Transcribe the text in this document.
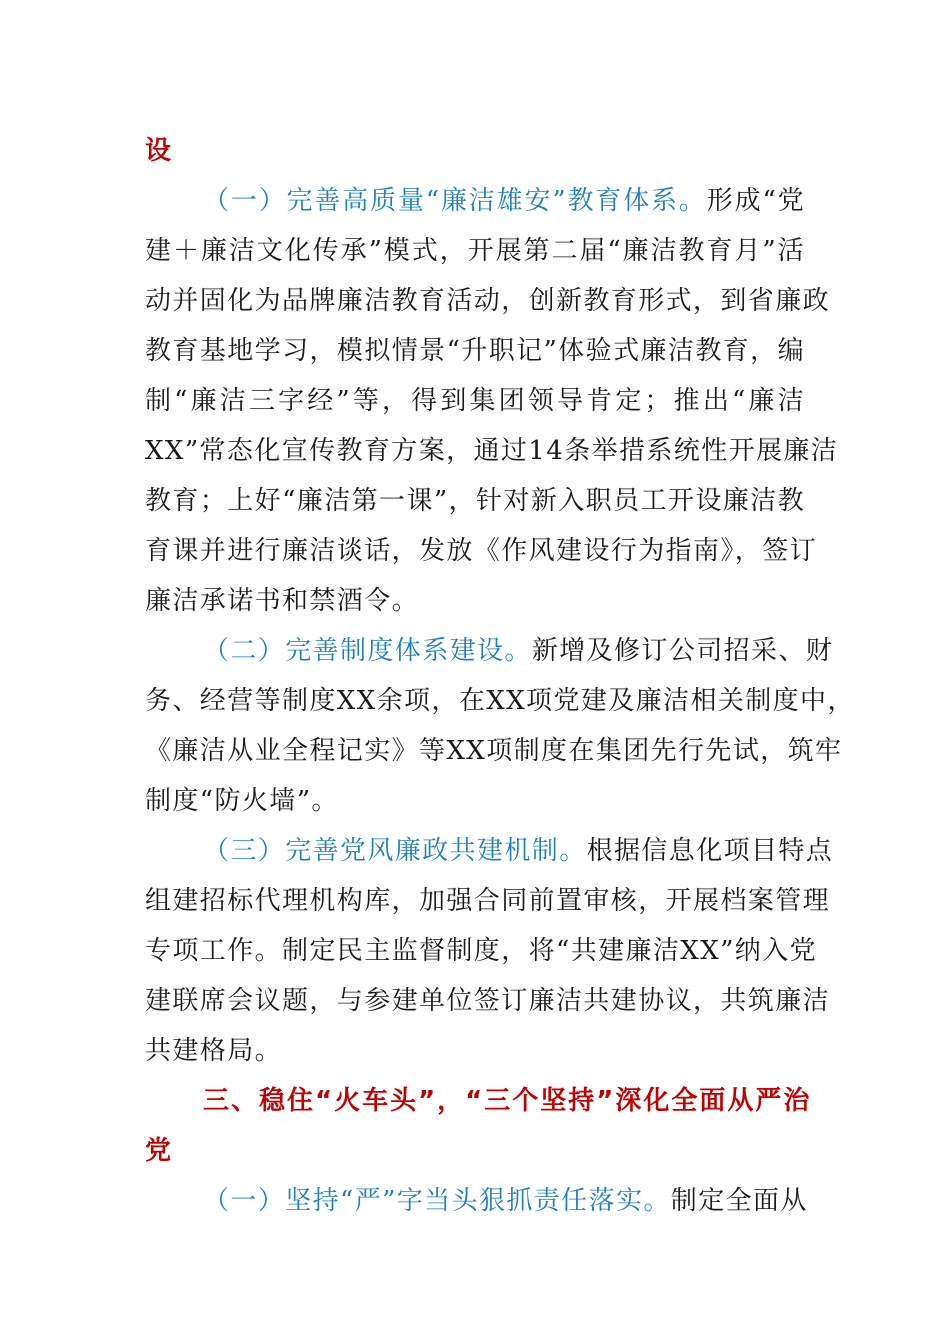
设
（一）完善高质量“廉洁雄安”教育体系。形成“党
建＋廉洁文化传承”模式，开展第二届“廉洁教育月”活
动并固化为品牌廉洁教育活动，创新教育形式，到省廉政
教育基地学习，模拟情景“升职记”体验式廉洁教育，编
制“廉洁三字经”等，得到集团领导肯定；推出“廉洁
XX”常态化宣传教育方案，通过14条举措系统性开展廉洁
教育；上好“廉洁第一课”，针对新入职员工开设廉洁教
育课并进行廉洁谈话，发放《作风建设行为指南》，签订
廉洁承诺书和禁酒令。
（二）完善制度体系建设。新增及修订公司招采、财
务、经营等制度XX余项，在XX项党建及廉洁相关制度中，
《廉洁从业全程记实》等XX项制度在集团先行先试，筑牢
制度“防火墙”。
（三）完善党风廉政共建机制。根据信息化项目特点
组建招标代理机构库，加强合同前置审核，开展档案管理
专项工作。制定民主监督制度，将“共建廉洁XX”纳入党
建联席会议题，与参建单位签订廉洁共建协议，共筑廉洁
共建格局。
三、稳住“火车头”，“三个坚持”深化全面从严治
党
（一）坚持“严”字当头狠抓责任落实。制定全面从
